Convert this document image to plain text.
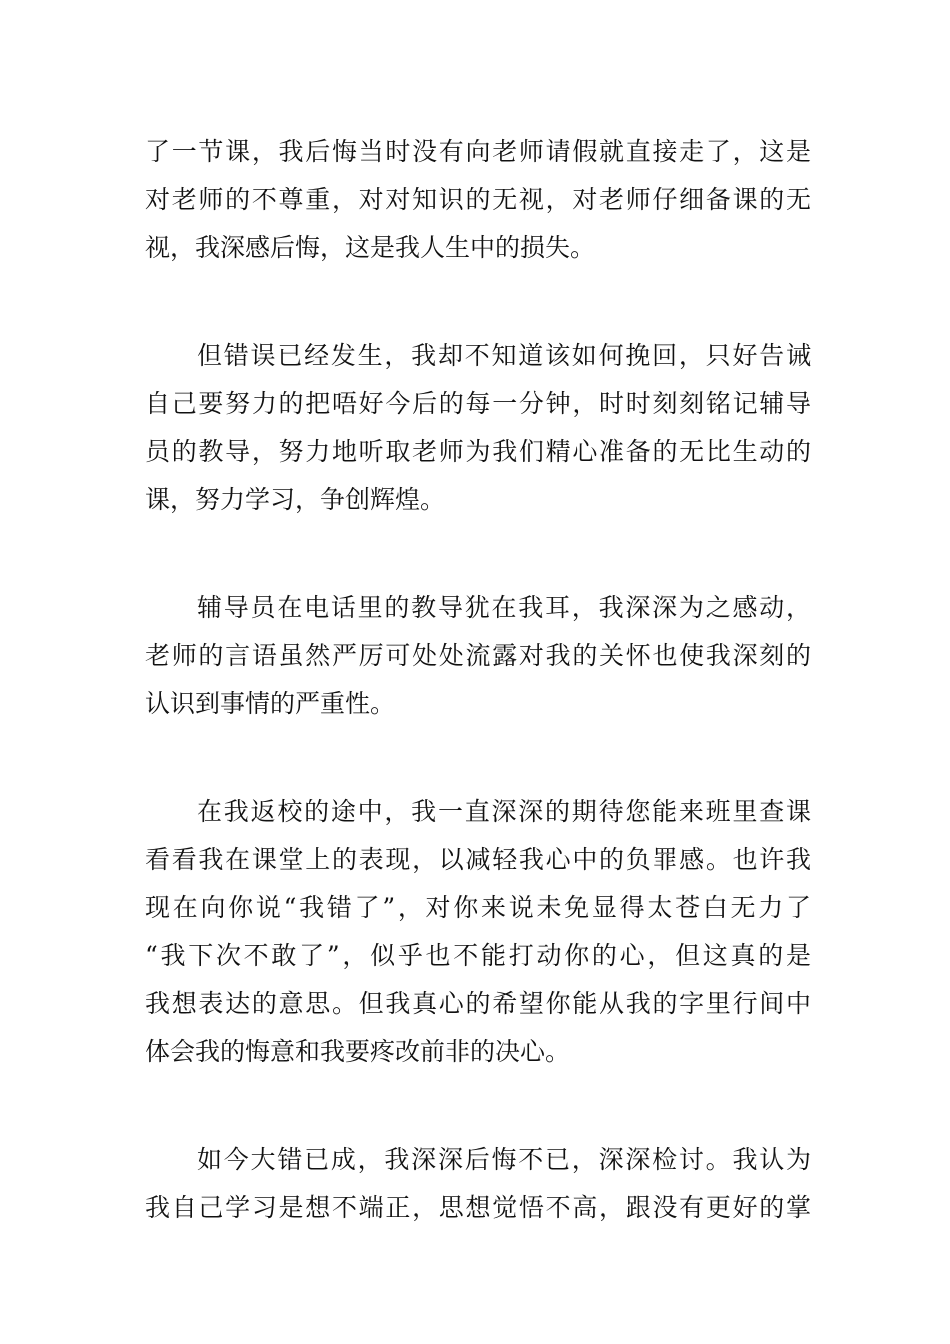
了一节课，我后悔当时没有向老师请假就直接走了，这是
对老师的不尊重，对对知识的无视，对老师仔细备课的无
视，我深感后悔，这是我人生中的损失。
但错误已经发生，我却不知道该如何挽回，只好告诫
自己要努力的把唔好今后的每一分钟，时时刻刻铭记辅导
员的教导，努力地听取老师为我们精心准备的无比生动的
课，努力学习，争创辉煌。
辅导员在电话里的教导犹在我耳，我深深为之感动，
老师的言语虽然严厉可处处流露对我的关怀也使我深刻的
认识到事情的严重性。
在我返校的途中，我一直深深的期待您能来班里查课
看看我在课堂上的表现，以减轻我心中的负罪感。也许我
现在向你说“我错了”，对你来说未免显得太苍白无力了
“我下次不敢了”，似乎也不能打动你的心，但这真的是
我想表达的意思。但我真心的希望你能从我的字里行间中
体会我的悔意和我要疼改前非的决心。
如今大错已成，我深深后悔不已，深深检讨。我认为
我自己学习是想不端正，思想觉悟不高，跟没有更好的掌
